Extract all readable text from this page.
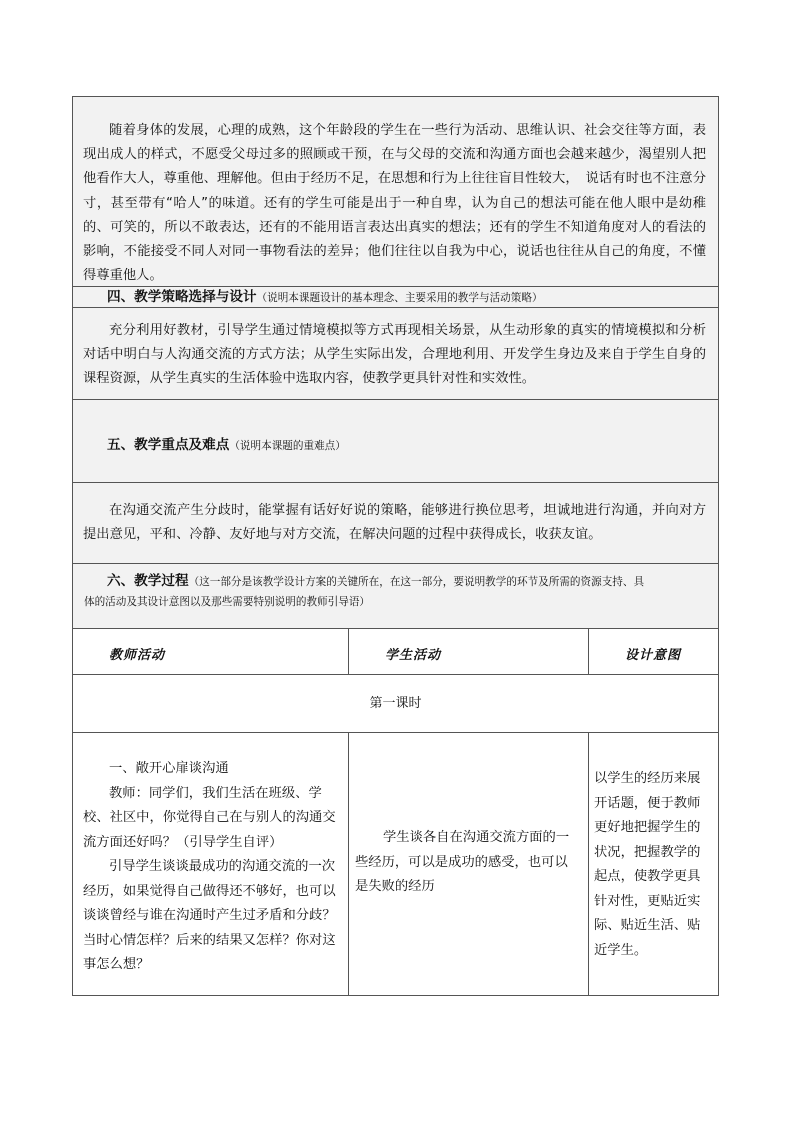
随着身体的发展，心理的成熟，这个年龄段的学生在一些行为活动、思维认识、社会交往等方面，表现出成人的样式，不愿受父母过多的照顾或干预，在与父母的交流和沟通方面也会越来越少，渴望别人把他看作大人，尊重他、理解他。但由于经历不足，在思想和行为上往往盲目性较大，　说话有时也不注意分寸，甚至带有“哈人”的味道。还有的学生可能是出于一种自卑，认为自己的想法可能在他人眼中是幼稚的、可笑的，所以不敢表达，还有的不能用语言表达出真实的想法；还有的学生不知道角度对人的看法的影响，不能接受不同人对同一事物看法的差异；他们往往以自我为中心，说话也往往从自己的角度，不懂得尊重他人。

四、教学策略选择与设计（说明本课题设计的基本理念、主要采用的教学与活动策略）

充分利用好教材，引导学生通过情境模拟等方式再现相关场景，从生动形象的真实的情境模拟和分析对话中明白与人沟通交流的方式方法；从学生实际出发，合理地利用、开发学生身边及来自于学生自身的课程资源，从学生真实的生活体验中选取内容，使教学更具针对性和实效性。

五、教学重点及难点（说明本课题的重难点）

在沟通交流产生分歧时，能掌握有话好好说的策略，能够进行换位思考，坦诚地进行沟通，并向对方提出意见，平和、冷静、友好地与对方交流，在解决问题的过程中获得成长，收获友谊。

六、教学过程（这一部分是该教学设计方案的关键所在，在这一部分，要说明教学的环节及所需的资源支持、具
体的活动及其设计意图以及那些需要特别说明的教师引导语）
教师活动	学生活动	设计意图
第一课时
一、敞开心扉谈沟通
教师：同学们，我们生活在班级、学校、社区中，你觉得自己在与别人的沟通交流方面还好吗？（引导学生自评）
引导学生谈谈最成功的沟通交流的一次经历，如果觉得自己做得还不够好，也可以谈谈曾经与谁在沟通时产生过矛盾和分歧？当时心情怎样？后来的结果又怎样？你对这事怎么想？
学生谈各自在沟通交流方面的一些经历，可以是成功的感受，也可以是失败的经历
以学生的经历来展开话题，便于教师更好地把握学生的状况，把握教学的起点，使教学更具针对性，更贴近实际、贴近生活、贴近学生。
